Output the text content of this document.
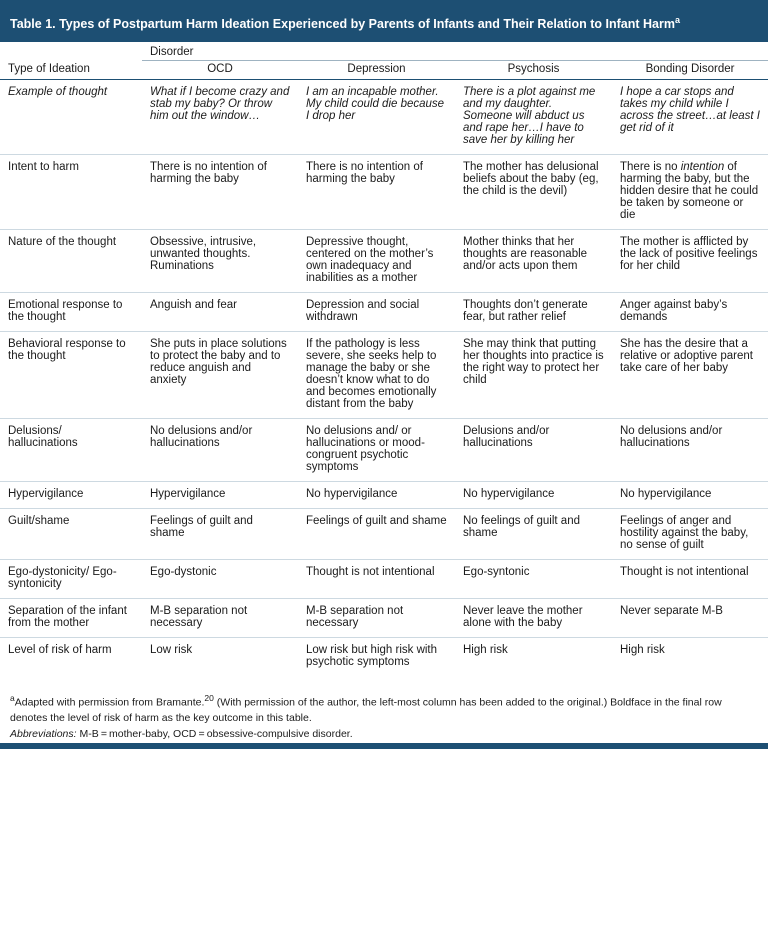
Table 1. Types of Postpartum Harm Ideation Experienced by Parents of Infants and Their Relation to Infant Harm$^a$
	Disorder			
Type of Ideation	OCD	Depression	Psychosis	Bonding Disorder
Example of thought	What if I become crazy and stab my baby? Or throw him out the window…	I am an incapable mother. My child could die because I drop her	There is a plot against me and my daughter. Someone will abduct us and rape her…I have to save her by killing her	I hope a car stops and takes my child while I across the street…at least I get rid of it
Intent to harm	There is no intention of harming the baby	There is no intention of harming the baby	The mother has delusional beliefs about the baby (eg, the child is the devil)	There is no intention of harming the baby, but the hidden desire that he could be taken by someone or die
Nature of the thought	Obsessive, intrusive, unwanted thoughts. Ruminations	Depressive thought, centered on the mother’s own inadequacy and inabilities as a mother	Mother thinks that her thoughts are reasonable and/or acts upon them	The mother is afflicted by the lack of positive feelings for her child
Emotional response to the thought	Anguish and fear	Depression and social withdrawn	Thoughts don’t generate fear, but rather relief	Anger against baby’s demands
Behavioral response to the thought	She puts in place solutions to protect the baby and to reduce anguish and anxiety	If the pathology is less severe, she seeks help to manage the baby or she doesn’t know what to do and becomes emotionally distant from the baby	She may think that putting her thoughts into practice is the right way to protect her child	She has the desire that a relative or adoptive parent take care of her baby
Delusions/ hallucinations	No delusions and/or hallucinations	No delusions and/ or hallucinations or mood-congruent psychotic symptoms	Delusions and/or hallucinations	No delusions and/or hallucinations
Hypervigilance	Hypervigilance	No hypervigilance	No hypervigilance	No hypervigilance
Guilt/shame	Feelings of guilt and shame	Feelings of guilt and shame	No feelings of guilt and shame	Feelings of anger and hostility against the baby, no sense of guilt
Ego-dystonicity/ Ego-syntonicity	Ego-dystonic	Thought is not intentional	Ego-syntonic	Thought is not intentional
Separation of the infant from the mother	M-B separation not necessary	M-B separation not necessary	Never leave the mother alone with the baby	Never separate M-B
Level of risk of harm	Low risk	Low risk but high risk with psychotic symptoms	High risk	High risk

$^a$Adapted with permission from Bramante.$^{20}$ (With permission of the author, the left-most column has been added to the original.) Boldface in the final row denotes the level of risk of harm as the key outcome in this table.

Abbreviations: M-B = mother-baby, OCD = obsessive-compulsive disorder.
